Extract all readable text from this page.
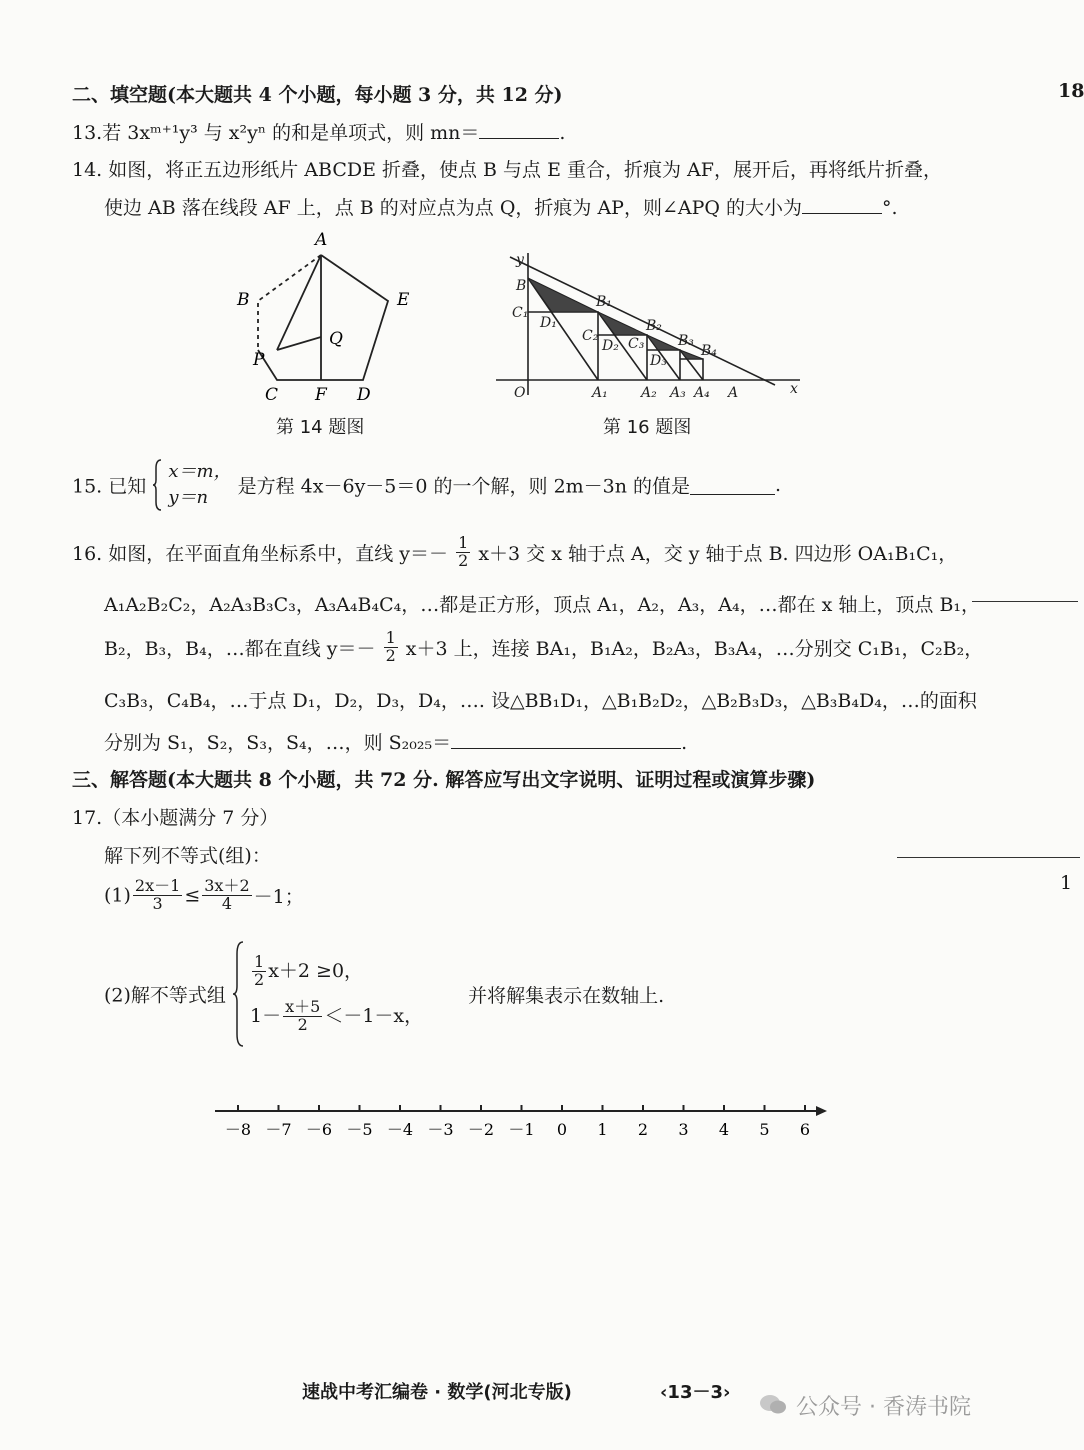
18
二、填空题(本大题共 4 个小题，每小题 3 分，共 12 分)
13.若 3xᵐ⁺¹y³ 与 x²yⁿ 的和是单项式，则 mn＝	.
14. 如图，将正五边形纸片 ABCDE 折叠，使点 B 与点 E 重合，折痕为 AF，展开后，再将纸片折叠，
使边 AB 落在线段 AF 上，点 B 的对应点为点 Q，折痕为 AP，则∠APQ 的大小为	°.
A
B	E
P
Q
C F D
第 14 题图
y
x
O
B
A
B₁
B₂
B₃
B₄
C₁
C₂ C₃
D₁
D₂
D₃
A₁ A₂ A₃ A₄
第 16 题图
15. 已知
x＝m，
y＝n	是方程 4x－6y－5＝0 的一个解，则 2m－3n 的值是	.
16. 如图，在平面直角坐标系中，直线 $y=- \frac{1}{2} x+3$ 交 x 轴于点 A，交 y 轴于点 B. 四边形 OA₁B₁C₁，
A₁A₂B₂C₂，A₂A₃B₃C₃，A₃A₄B₄C₄，…都是正方形，顶点 A₁，A₂，A₃，A₄，…都在 x 轴上，顶点 B₁，
B₂，B₃，B₄，…都在直线 $y=- \frac{1}{2} x+3$ 上，连接 BA₁，B₁A₂，B₂A₃，B₃A₄，…分别交 C₁B₁，C₂B₂，
C₃B₃，C₄B₄，…于点 D₁，D₂，D₃，D₄，…. 设△BB₁D₁，△B₁B₂D₂，△B₂B₃D₃，△B₃B₄D₄，…的面积
分别为 S₁，S₂，S₃，S₄，…，则 S₂₀₂₅＝	.
三、解答题(本大题共 8 个小题，共 72 分. 解答应写出文字说明、证明过程或演算步骤)
17.（本小题满分 7 分）
解下列不等式(组)：
$(1) \frac{2x-1}{3} \le \frac{3x+2}{4} -1$；
(2)解不等式组
$\frac{1}{2} x+2 \ge 0$，
$1- \frac{x+5}{2} <-1-x$，
并将解集表示在数轴上.
－8 －7 －6 －5 －4 －3 －2 －1 0 1 2 3 4 5 6
1
速战中考汇编卷 · 数学(河北专版)	‹13－3›
公众号 · 香涛书院
